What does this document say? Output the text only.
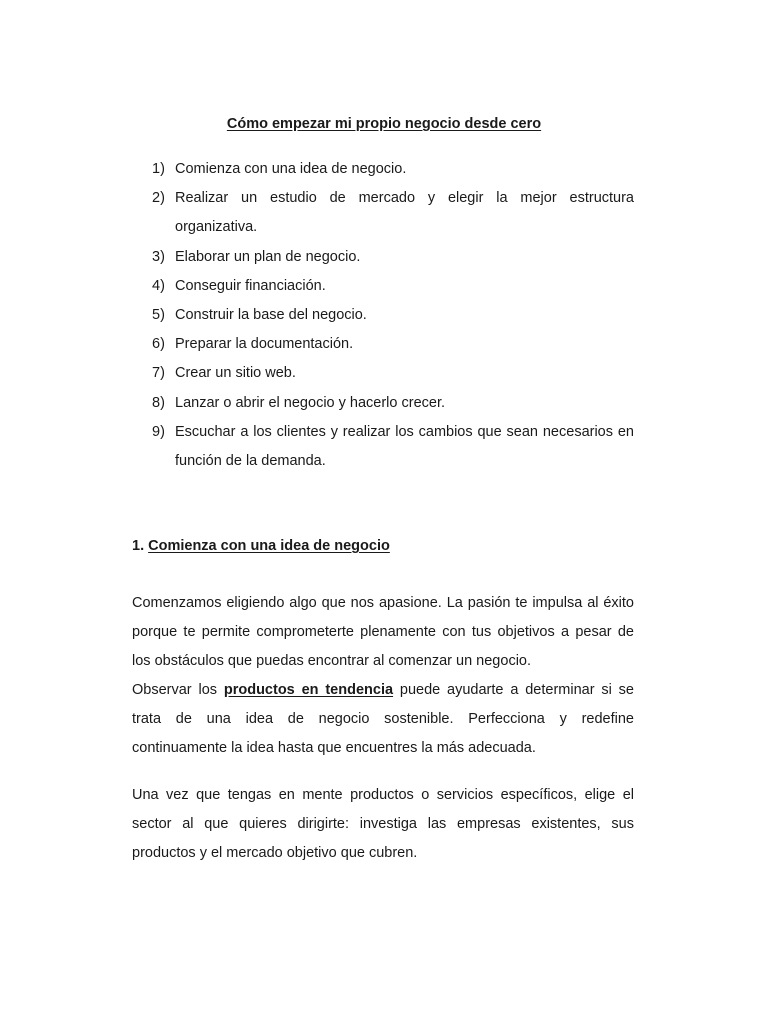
Cómo empezar mi propio negocio desde cero
1) Comienza con una idea de negocio.
2) Realizar un estudio de mercado y elegir la mejor estructura organizativa.
3) Elaborar un plan de negocio.
4) Conseguir financiación.
5) Construir la base del negocio.
6) Preparar la documentación.
7) Crear un sitio web.
8) Lanzar o abrir el negocio y hacerlo crecer.
9) Escuchar a los clientes y realizar los cambios que sean necesarios en función de la demanda.
1. Comienza con una idea de negocio

Comenzamos eligiendo algo que nos apasione. La pasión te impulsa al éxito porque te permite comprometerte plenamente con tus objetivos a pesar de los obstáculos que puedas encontrar al comenzar un negocio.

Observar los productos en tendencia puede ayudarte a determinar si se trata de una idea de negocio sostenible. Perfecciona y redefine continuamente la idea hasta que encuentres la más adecuada.

Una vez que tengas en mente productos o servicios específicos, elige el sector al que quieres dirigirte: investiga las empresas existentes, sus productos y el mercado objetivo que cubren.
